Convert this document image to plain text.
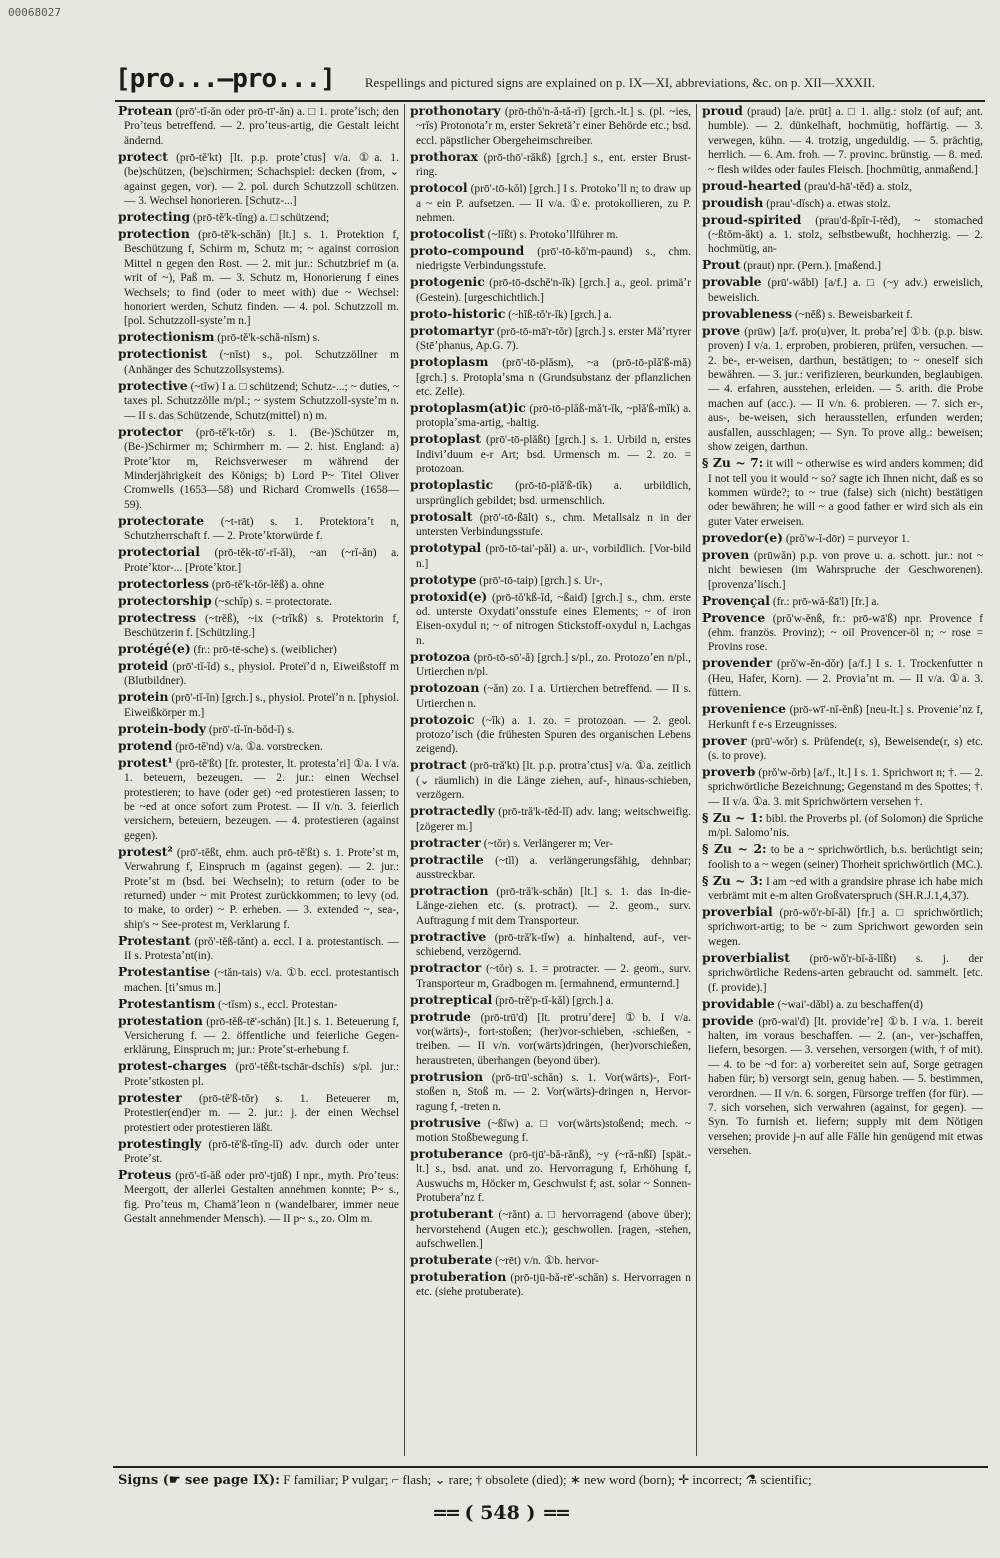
00068027
[pro...—pro...] Respellings and pictured signs are explained on p. IX—XI, abbreviations, &c. on p. XII—XXXII.

Protean (prō'-tĭ-ăn oder prō-tī'-ăn) a. □ 1. proteʼisch; den Proʼteus betreffend. — 2. proʼteus-artig, die Gestalt leicht ändernd.

protect (prō-tĕ'kt) [lt. p.p. proteʼctus] v/a. ①a. 1. (be)schützen, (be)schirmen; Schachspiel: decken (from, ⌄ against gegen, vor). — 2. pol. durch Schutzzoll schützen. — 3. Wechsel honorieren. [Schutz-...]

protecting (prō-tĕ'k-tĭng) a. □ schützend;

protection (prō-tĕ'k-schăn) [lt.] s. 1. Protektion f, Beschützung f, Schirm m, Schutz m; ~ against corrosion Mittel n gegen den Rost. — 2. mit jur.: Schutzbrief m (a. writ of ~), Paß m. — 3. Schutz m, Honorierung f eines Wechsels; to find (oder to meet with) due ~ Wechsel: honoriert werden, Schutz finden. — 4. pol. Schutzzoll m. [pol. Schutzzoll-systeʼm n.]

protectionism (prō-tĕ'k-schă-nĭsm) s.

protectionist (~nĭst) s., pol. Schutzzöllner m (Anhänger des Schutzzollsystems).

protective (~tĭw) I a. □ schützend; Schutz-...; ~ duties, ~ taxes pl. Schutzzölle m/pl.; ~ system Schutzzoll-systeʼm n. — II s. das Schützende, Schutz(mittel) n) m.

protector (prō-tĕ'k-tŏr) s. 1. (Be-)Schützer m, (Be-)Schirmer m; Schirmherr m. — 2. hist. England: a) Proteʼktor m, Reichsverweser m während der Minderjährigkeit des Königs; b) Lord P~ Titel Oliver Cromwells (1653—58) und Richard Cromwells (1658—59).

protectorate (~t-rāt) s. 1. Protektoraʼt n, Schutzherrschaft f. — 2. Proteʼktorwürde f.

protectorial (prō-tĕk-tō'-rĭ-ăl), ~an (~rĭ-ăn) a. Proteʼktor-... [Proteʼktor.]

protectorless (prō-tĕ'k-tŏr-lĕß) a. ohne

protectorship (~schĭp) s. = protectorate.

protectress (~trĕß), ~ix (~trĭkß) s. Protektorin f, Beschützerin f. [Schützling.]

protégé(e) (fr.: prō-tē-sche) s. (weiblicher)

proteid (prō'-tĭ-ĭd) s., physiol. Proteïʼd n, Eiweißstoff m (Blutbildner).

protein (prō'-tĭ-ĭn) [grch.] s., physiol. Proteïʼn n. [physiol. Eiweißkörper m.]

protein-body (prō'-tĭ-ĭn-bŏd-ĭ) s.

protend (prō-tĕ'nd) v/a. ①a. vorstrecken.

protest¹ (prō-tĕ'ßt) [fr. protester, lt. protestaʼri] ①a. I v/a. 1. beteuern, bezeugen. — 2. jur.: einen Wechsel protestieren; to have (oder get) ~ed protestieren lassen; to be ~ed at once sofort zum Protest. — II v/n. 3. feierlich versichern, beteuern, bezeugen. — 4. protestieren (against gegen).

protest² (prō'-tĕßt, ehm. auch prō-tĕ'ßt) s. 1. Proteʼst m, Verwahrung f, Einspruch m (against gegen). — 2. jur.: Proteʼst m (bsd. bei Wechseln); to return (oder to be returned) under ~ mit Protest zurückkommen; to levy (od. to make, to order) ~ P. erheben. — 3. extended ~, sea-, ship's ~ See-protest m, Verklarung f.

Protestant (prŏ'-tĕß-tănt) a. eccl. I a. protestantisch. — II s. Protestaʼnt(in).

Protestantise (~tăn-tais) v/a. ①b. eccl. protestantisch machen. [tiʼsmus m.]

Protestantism (~tĭsm) s., eccl. Protestan-

protestation (prō-tĕß-tē'-schăn) [lt.] s. 1. Beteuerung f, Versicherung f. — 2. öffentliche und feierliche Gegen-erklärung, Einspruch m; jur.: Proteʼst-erhebung f.

protest-charges (prō'-tĕßt-tschār-dschĭs) s/pl. jur.: Proteʼstkosten pl.

protester (prō-tĕ'ß-tŏr) s. 1. Beteuerer m, Protestier(end)er m. — 2. jur.: j. der einen Wechsel protestiert oder protestieren läßt.

protestingly (prō-tĕ'ß-tĭng-lĭ) adv. durch oder unter Proteʼst.

Proteus (prō'-tĭ-ăß oder prō'-tjūß) I npr., myth. Proʼteus: Meergott, der allerlei Gestalten annehmen konnte; P~ s., fig. Proʼteus m, Chamäʼleon n (wandelbarer, immer neue Gestalt annehmender Mensch). — II p~ s., zo. Olm m.

prothonotary (prō-thŏ'n-ă-tă-rĭ) [grch.-lt.] s. (pl. ~ies, ~rĭs) Protonotaʼr m, erster Sekretäʼr einer Behörde etc.; bsd. eccl. päpstlicher Obergeheimschreiber.

prothorax (prō-thō'-răkß) [grch.] s., ent. erster Brust-ring.

protocol (prō'-tō-kŏl) [grch.] I s. Protokoʼll n; to draw up a ~ ein P. aufsetzen. — II v/a. ①e. protokollieren, zu P. nehmen.

protocolist (~lĭßt) s. Protokoʼllführer m.

proto-compound (prō'-tō-kŏ'm-paund) s., chm. niedrigste Verbindungsstufe.

protogenic (prō-tō-dschĕ'n-ĭk) [grch.] a., geol. primäʼr (Gestein). [urgeschichtlich.]

proto-historic (~hĭß-tŏ'r-ĭk) [grch.] a.

protomartyr (prō-tō-mā'r-tŏr) [grch.] s. erster Mäʼrtyrer (Stēʼphanus, Ap.G. 7).

protoplasm (prō'-tō-plăsm), ~a (prō-tō-plă'ß-mă) [grch.] s. Protoplaʼsma n (Grundsubstanz der pflanzlichen etc. Zelle).

protoplasm(at)ic (prō-tō-plăß-mă't-ĭk, ~plă'ß-mĭk) a. protoplaʼsma-artig, -haltig.

protoplast (prō'-tō-plăßt) [grch.] s. 1. Urbild n, erstes Indiviʼduum e-r Art; bsd. Urmensch m. — 2. zo. = protozoan.

protoplastic (prō-tō-plă'ß-tĭk) a. urbildlich, ursprünglich gebildet; bsd. urmenschlich.

protosalt (prō'-tō-ßālt) s., chm. Metallsalz n in der untersten Verbindungsstufe.

prototypal (prō-tō-tai'-păl) a. ur-, vorbildlich. [Vor-bild n.]

prototype (prō'-tō-taip) [grch.] s. Ur-,

protoxid(e) (prō-tŏ'kß-ĭd, ~ßaid) [grch.] s., chm. erste od. unterste Oxydatiʼonsstufe eines Elements; ~ of iron Eisen-oxydul n; ~ of nitrogen Stickstoff-oxydul n, Lachgas n.

protozoa (prō-tō-sō'-ă) [grch.] s/pl., zo. Protozoʼen n/pl., Urtierchen n/pl.

protozoan (~ăn) zo. I a. Urtierchen betreffend. — II s. Urtierchen n.

protozoic (~ĭk) a. 1. zo. = protozoan. — 2. geol. protozoʼisch (die frühesten Spuren des organischen Lebens zeigend).

protract (prō-tră'kt) [lt. p.p. protraʼctus] v/a. ①a. zeitlich (⌄ räumlich) in die Länge ziehen, auf-, hinaus-schieben, verzögern.

protractedly (prō-tră'k-tĕd-lĭ) adv. lang; weitschweifig. [zögerer m.]

protracter (~tŏr) s. Verlängerer m; Ver-

protractile (~tĭl) a. verlängerungsfähig, dehnbar; ausstreckbar.

protraction (prō-tră'k-schăn) [lt.] s. 1. das In-die-Länge-ziehen etc. (s. protract). — 2. geom., surv. Auftragung f mit dem Transporteur.

protractive (prō-tră'k-tĭw) a. hinhaltend, auf-, ver-schiebend, verzögernd.

protractor (~tŏr) s. 1. = protracter. — 2. geom., surv. Transporteur m, Gradbogen m. [ermahnend, ermunternd.]

protreptical (prō-trĕ'p-tĭ-kăl) [grch.] a.

protrude (prō-trū'd) [lt. protruʼdere] ①b. I v/a. vor(wärts)-, fort-stoßen; (her)vor-schieben, -schießen, -treiben. — II v/n. vor(wärts)dringen, (her)vorschießen, heraustreten, überhangen (beyond über).

protrusion (prō-trū'-schăn) s. 1. Vor(wärts)-, Fort-stoßen n, Stoß m. — 2. Vor(wärts)-dringen n, Hervor-ragung f, -treten n.

protrusive (~ßĭw) a. □ vor(wärts)stoßend; mech. ~ motion Stoßbewegung f.

protuberance (prō-tjū'-bă-rănß), ~y (~ră-nßĭ) [spät.-lt.] s., bsd. anat. und zo. Hervorragung f, Erhöhung f, Auswuchs m, Höcker m, Geschwulst f; ast. solar ~ Sonnen-Protuberaʼnz f.

protuberant (~rănt) a. □ hervorragend (above über); hervorstehend (Augen etc.); geschwollen. [ragen, -stehen, aufschwellen.]

protuberate (~rēt) v/n. ①b. hervor-

protuberation (prō-tjū-bă-rē'-schăn) s. Hervorragen n etc. (siehe protuberate).

proud (praud) [a/e. prūt] a. □ 1. allg.: stolz (of auf; ant. humble). — 2. dünkelhaft, hochmütig, hoffärtig. — 3. verwegen, kühn. — 4. trotzig, ungeduldig. — 5. prächtig, herrlich. — 6. Am. froh. — 7. provinc. brünstig. — 8. med. ~ flesh wildes oder faules Fleisch. [hochmütig, anmaßend.]

proud-hearted (prau'd-hā'-tĕd) a. stolz,

proudish (prau'-dĭsch) a. etwas stolz.

proud-spirited (prau'd-ßpĭr-ĭ-tĕd), ~ stomached (~ßtŏm-ăkt) a. 1. stolz, selbstbewußt, hochherzig. — 2. hochmütig, an-

Prout (praut) npr. (Pern.). [maßend.]

provable (prū'-wăbl) [a/f.] a. □ (~y adv.) erweislich, beweislich.

provableness (~nĕß) s. Beweisbarkeit f.

prove (prūw) [a/f. pro(u)ver, lt. probaʼre] ①b. (p.p. bisw. proven) I v/a. 1. erproben, probieren, prüfen, versuchen. — 2. be-, er-weisen, darthun, bestätigen; to ~ oneself sich bewähren. — 3. jur.: verifizieren, beurkunden, beglaubigen. — 4. erfahren, ausstehen, erleiden. — 5. arith. die Probe machen auf (acc.). — II v/n. 6. probieren. — 7. sich er-, aus-, be-weisen, sich herausstellen, erfunden werden; ausfallen, ausschlagen; — Syn. To prove allg.: beweisen; show zeigen, darthun.

§ Zu ~ 7: it will ~ otherwise es wird anders kommen; did I not tell you it would ~ so? sagte ich Ihnen nicht, daß es so kommen würde?; to ~ true (false) sich (nicht) bestätigen oder bewähren; he will ~ a good father er wird sich als ein guter Vater erweisen.

provedor(e) (prŏ'w-ĭ-dōr) = purveyor 1.

proven (prūwăn) p.p. von prove u. a. schott. jur.: not ~ nicht bewiesen (im Wahrspruche der Geschworenen). [provenzaʼlisch.]

Provençal (fr.: prō-wă-ßā'l) [fr.] a.

Provence (prŏ'w-ĕnß, fr.: prō-wā'ß) npr. Provence f (ehm. französ. Provinz); ~ oil Provencer-öl n; ~ rose = Provins rose.

provender (prŏ'w-ĕn-dŏr) [a/f.] I s. 1. Trockenfutter n (Heu, Hafer, Korn). — 2. Proviaʼnt m. — II v/a. ①a. 3. füttern.

provenience (prō-wī'-nĭ-ĕnß) [neu-lt.] s. Provenieʼnz f, Herkunft f e-s Erzeugnisses.

prover (prū'-wŏr) s. Prüfende(r, s), Beweisende(r, s) etc. (s. to prove).

proverb (prŏ'w-ŏrb) [a/f., lt.] I s. 1. Sprichwort n; †. — 2. sprichwörtliche Bezeichnung; Gegenstand m des Spottes; †. — II v/a. ①a. 3. mit Sprichwörtern versehen †.

§ Zu ~ 1: bibl. the Proverbs pl. (of Solomon) die Sprüche m/pl. Salomoʼnis.

§ Zu ~ 2: to be a ~ sprichwörtlich, b.s. berüchtigt sein; foolish to a ~ wegen (seiner) Thorheit sprichwörtlich (MC.).

§ Zu ~ 3: I am ~ed with a grandsire phrase ich habe mich verbrämt mit e-m alten Großvaterspruch (SH.R.J.1,4,37).

proverbial (prō-wŏ'r-bĭ-ăl) [fr.] a. □ sprichwörtlich; sprichwort-artig; to be ~ zum Sprichwort geworden sein wegen.

proverbialist (prō-wŏ'r-bĭ-ă-lĭßt) s. j. der sprichwörtliche Redens-arten gebraucht od. sammelt. [etc. (f. provide).]

providable (~wai'-dăbl) a. zu beschaffen(d)

provide (prō-wai'd) [lt. provideʼre] ①b. I v/a. 1. bereit halten, im voraus beschaffen. — 2. (an-, ver-)schaffen, liefern, besorgen. — 3. versehen, versorgen (with, † of mit). — 4. to be ~d for: a) vorbereitet sein auf, Sorge getragen haben für; b) versorgt sein, genug haben. — 5. bestimmen, verordnen. — II v/n. 6. sorgen, Fürsorge treffen (for für). — 7. sich vorsehen, sich verwahren (against, for gegen). — Syn. To furnish et. liefern; supply mit dem Nötigen versehen; provide j-n auf alle Fälle hin genügend mit etwas versehen.

Signs (☛ see page IX): F familiar; P vulgar; ⌐ flash; ⌄ rare; † obsolete (died); ∗ new word (born); ✛ incorrect; ⚗ scientific;
== ( 548 ) ==
